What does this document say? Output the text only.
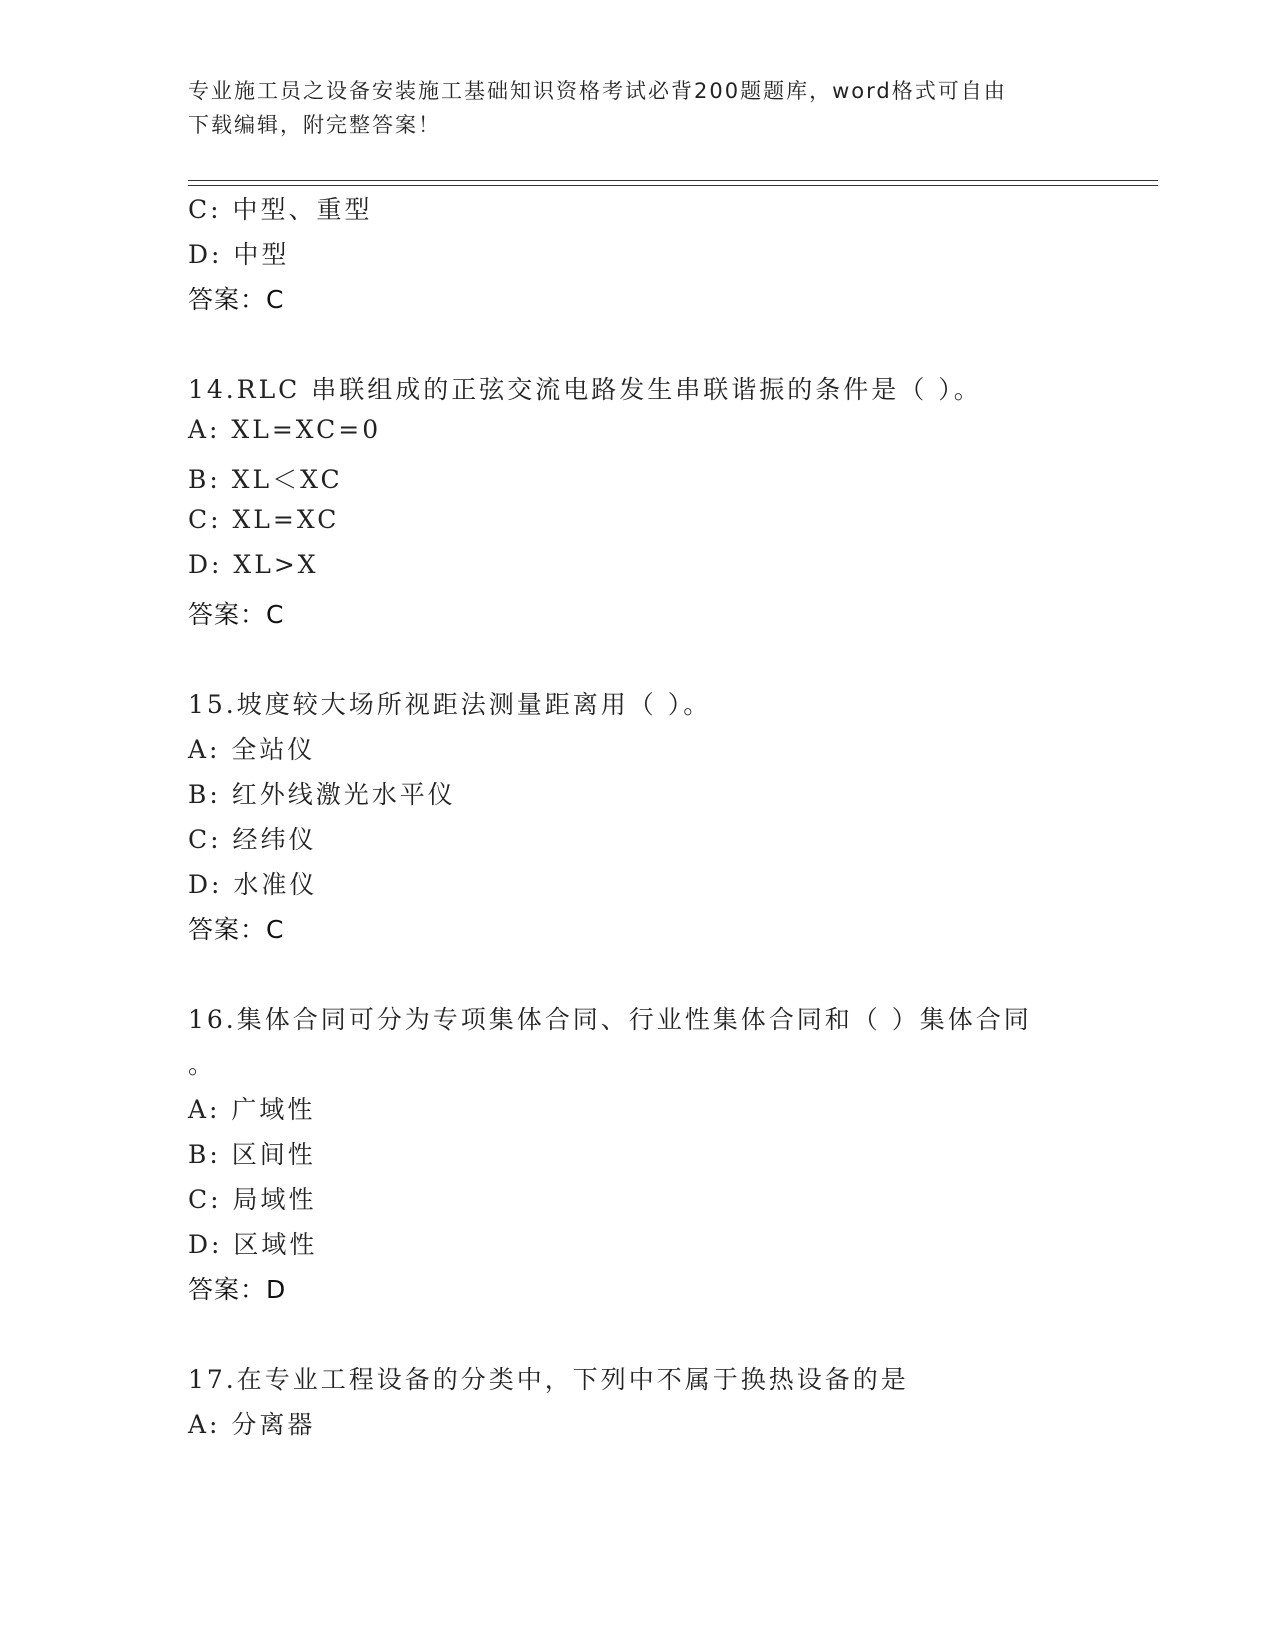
专业施工员之设备安装施工基础知识资格考试必背200题题库，word格式可自由
下载编辑，附完整答案！
C: 中型、重型
D: 中型
答案：C
14.RLC 串联组成的正弦交流电路发生串联谐振的条件是（ ）。
A: XL=XC=0
B: XL＜XC
C: XL=XC
D: XL>X
答案：C
15.坡度较大场所视距法测量距离用（ ）。
A: 全站仪
B: 红外线激光水平仪
C: 经纬仪
D: 水准仪
答案：C
16.集体合同可分为专项集体合同、行业性集体合同和（ ）集体合同
。
A: 广域性
B: 区间性
C: 局域性
D: 区域性
答案：D
17.在专业工程设备的分类中，下列中不属于换热设备的是
A: 分离器
